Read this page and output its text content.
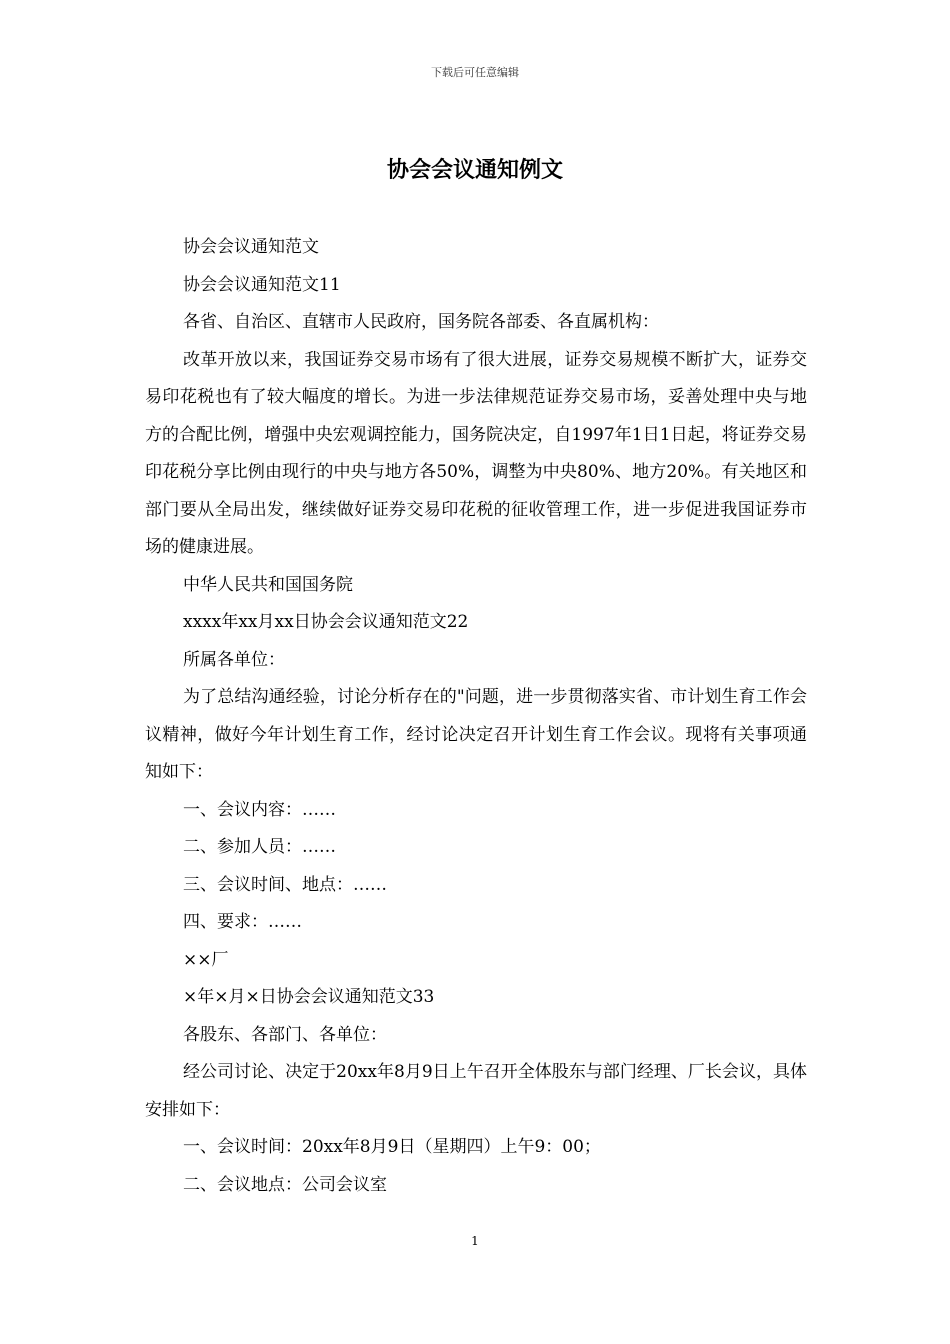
下载后可任意编辑
协会会议通知例文

协会会议通知范文

协会会议通知范文11

各省、自治区、直辖市人民政府，国务院各部委、各直属机构：

改革开放以来，我国证券交易市场有了很大进展，证券交易规模不断扩大，证券交易印花税也有了较大幅度的增长。为进一步法律规范证券交易市场，妥善处理中央与地方的合配比例，增强中央宏观调控能力，国务院决定，自1997年1日1日起，将证券交易印花税分享比例由现行的中央与地方各50%，调整为中央80%、地方20%。有关地区和部门要从全局出发，继续做好证券交易印花税的征收管理工作，进一步促进我国证券市场的健康进展。

中华人民共和国国务院

xxxx年xx月xx日协会会议通知范文22

所属各单位：

为了总结沟通经验，讨论分析存在的"问题，进一步贯彻落实省、市计划生育工作会议精神，做好今年计划生育工作，经讨论决定召开计划生育工作会议。现将有关事项通知如下：

一、会议内容：……

二、参加人员：……

三、会议时间、地点：……

四、要求：……

××厂

×年×月×日协会会议通知范文33

各股东、各部门、各单位：

经公司讨论、决定于20xx年8月9日上午召开全体股东与部门经理、厂长会议，具体安排如下：

一、会议时间：20xx年8月9日（星期四）上午9：00；

二、会议地点：公司会议室

1
